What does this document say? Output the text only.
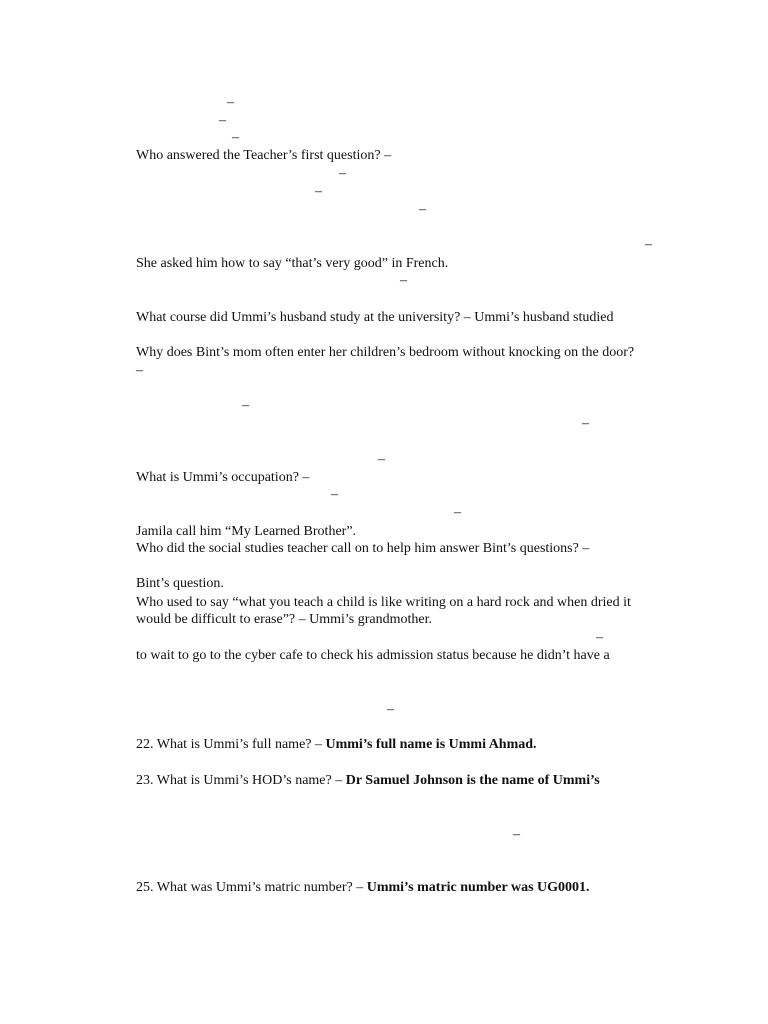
–
–
–
Who answered the Teacher’s first question? –
–
–
–
–
She asked him how to say “that’s very good” in French.
–
What course did Ummi’s husband study at the university? – Ummi’s husband studied
Why does Bint’s mom often enter her children’s bedroom without knocking on the door?
–
–
–
–
What is Ummi’s occupation? –
–
–
Jamila call him “My Learned Brother”.
Who did the social studies teacher call on to help him answer Bint’s questions? –
Bint’s question.
Who used to say “what you teach a child is like writing on a hard rock and when dried it
would be difficult to erase”? – Ummi’s grandmother.
–
to wait to go to the cyber cafe to check his admission status because he didn’t have a
–
22. What is Ummi’s full name? – Ummi’s full name is Ummi Ahmad.
23. What is Ummi’s HOD’s name? – Dr Samuel Johnson is the name of Ummi’s
–
25. What was Ummi’s matric number? – Ummi’s matric number was UG0001.
